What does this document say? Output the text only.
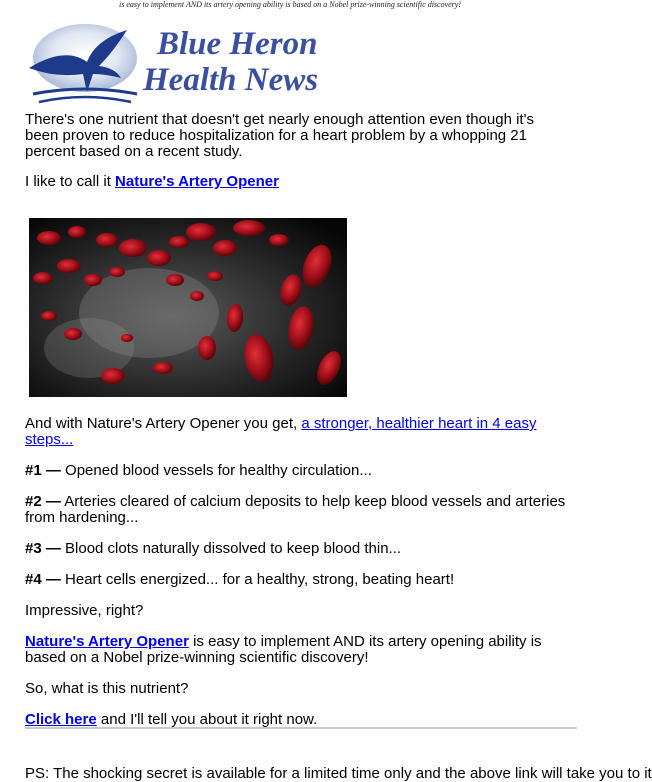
is easy to implement AND its artery opening ability is based on a Nobel prize-winning scientific discovery!
Blue Heron
Health News

There's one nutrient that doesn't get nearly enough attention even though it's been proven to reduce hospitalization for a heart problem by a whopping 21 percent based on a recent study.

I like to call it Nature's Artery Opener

And with Nature's Artery Opener you get, a stronger, healthier heart in 4 easy steps...

#1 — Opened blood vessels for healthy circulation...

#2 — Arteries cleared of calcium deposits to help keep blood vessels and arteries from hardening...

#3 — Blood clots naturally dissolved to keep blood thin...

#4 — Heart cells energized... for a healthy, strong, beating heart!

Impressive, right?

Nature's Artery Opener is easy to implement AND its artery opening ability is based on a Nobel prize-winning scientific discovery!

So, what is this nutrient?

Click here and I'll tell you about it right now.

PS: The shocking secret is available for a limited time only and the above link will take you to it
